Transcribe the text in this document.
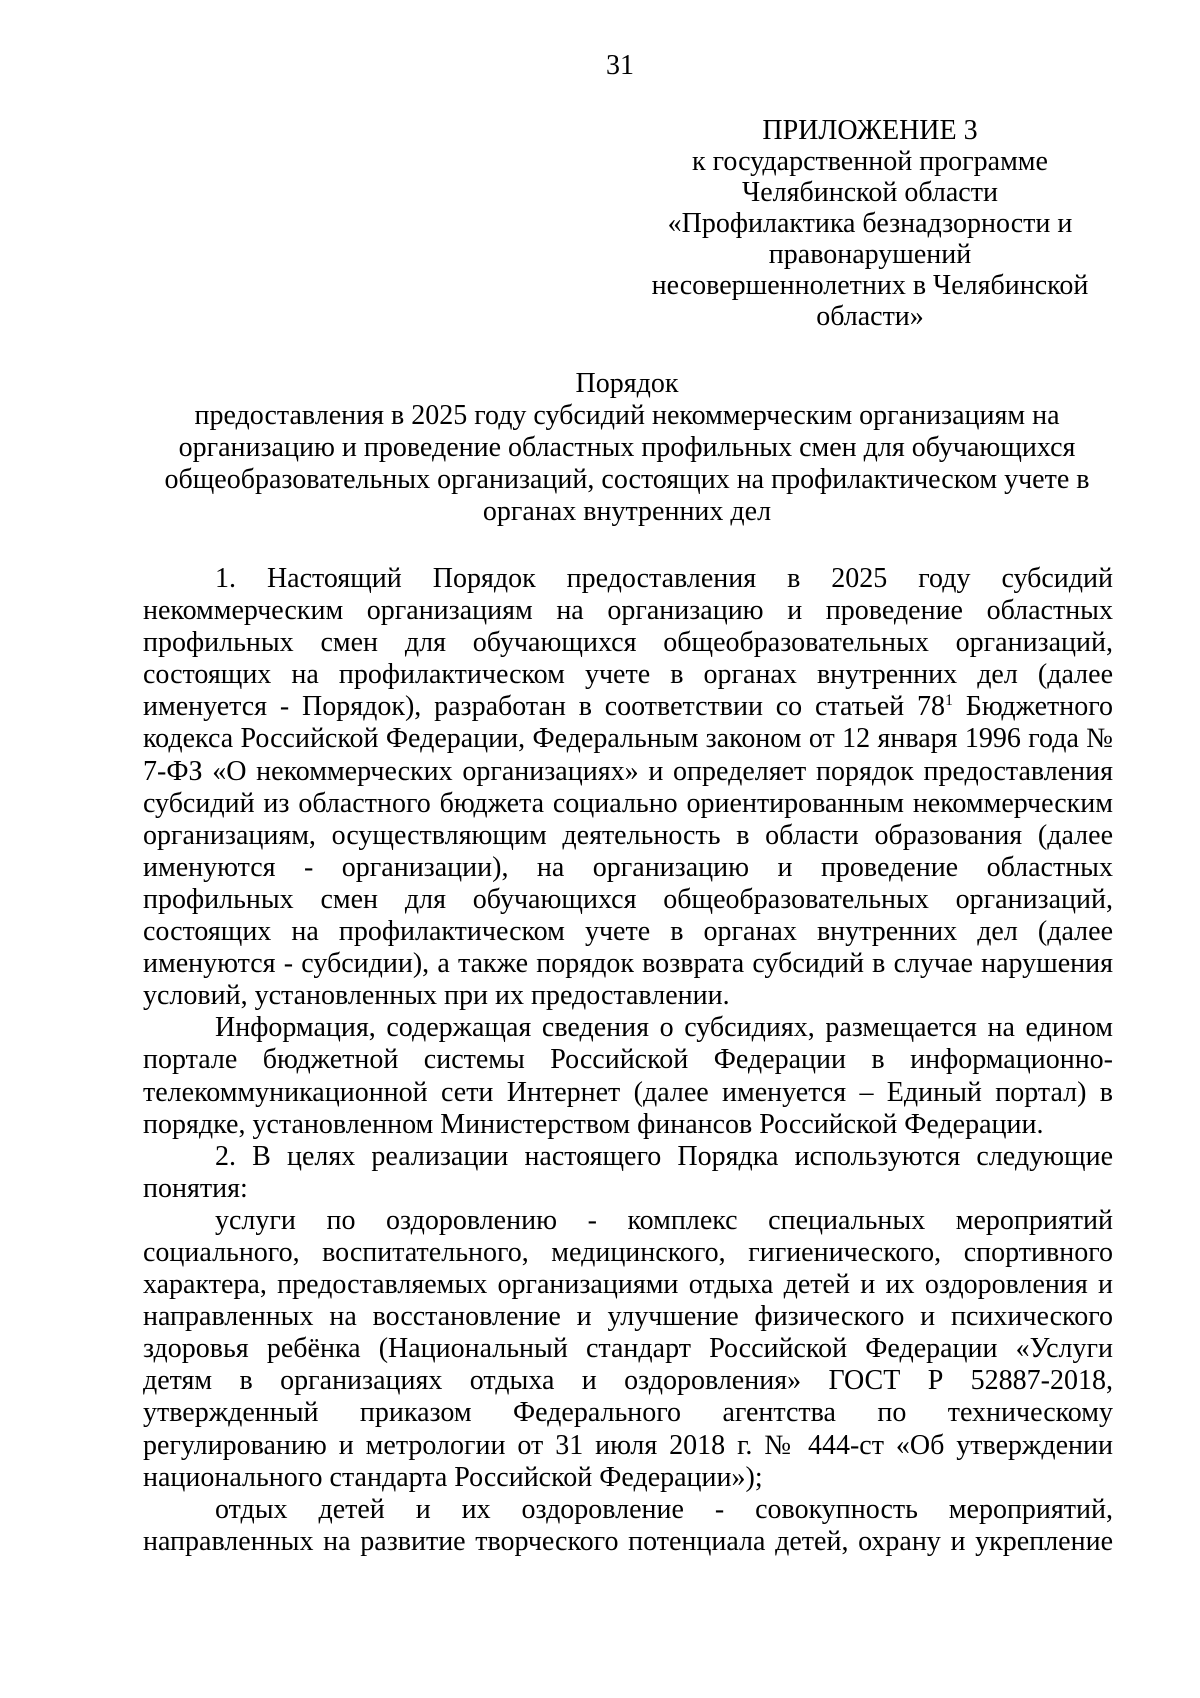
31
ПРИЛОЖЕНИЕ 3
к государственной программе
Челябинской области
«Профилактика безнадзорности и
правонарушений
несовершеннолетних в Челябинской
области»
Порядок
предоставления в 2025 году субсидий некоммерческим организациям на
организацию и проведение областных профильных смен для обучающихся
общеобразовательных организаций, состоящих на профилактическом учете в
органах внутренних дел

1. Настоящий Порядок предоставления в 2025 году субсидий некоммерческим организациям на организацию и проведение областных профильных смен для обучающихся общеобразовательных организаций, состоящих на профилактическом учете в органах внутренних дел (далее именуется - Порядок), разработан в соответствии со статьей $78^1$ Бюджетного кодекса Российской Федерации, Федеральным законом от 12 января 1996 года № 7-ФЗ «О некоммерческих организациях» и определяет порядок предоставления субсидий из областного бюджета социально ориентированным некоммерческим организациям, осуществляющим деятельность в области образования (далее именуются - организации), на организацию и проведение областных профильных смен для обучающихся общеобразовательных организаций, состоящих на профилактическом учете в органах внутренних дел (далее именуются - субсидии), а также порядок возврата субсидий в случае нарушения условий, установленных при их предоставлении.

Информация, содержащая сведения о субсидиях, размещается на едином портале бюджетной системы Российской Федерации в информационно-телекоммуникационной сети Интернет (далее именуется – Единый портал) в порядке, установленном Министерством финансов Российской Федерации.

2. В целях реализации настоящего Порядка используются следующие понятия:

услуги по оздоровлению - комплекс специальных мероприятий социального, воспитательного, медицинского, гигиенического, спортивного характера, предоставляемых организациями отдыха детей и их оздоровления и направленных на восстановление и улучшение физического и психического здоровья ребёнка (Национальный стандарт Российской Федерации «Услуги детям в организациях отдыха и оздоровления» ГОСТ Р 52887-2018, утвержденный приказом Федерального агентства по техническому регулированию и метрологии от 31 июля 2018 г. № 444-ст «Об утверждении национального стандарта Российской Федерации»);

отдых детей и их оздоровление - совокупность мероприятий, направленных на развитие творческого потенциала детей, охрану и укрепление
